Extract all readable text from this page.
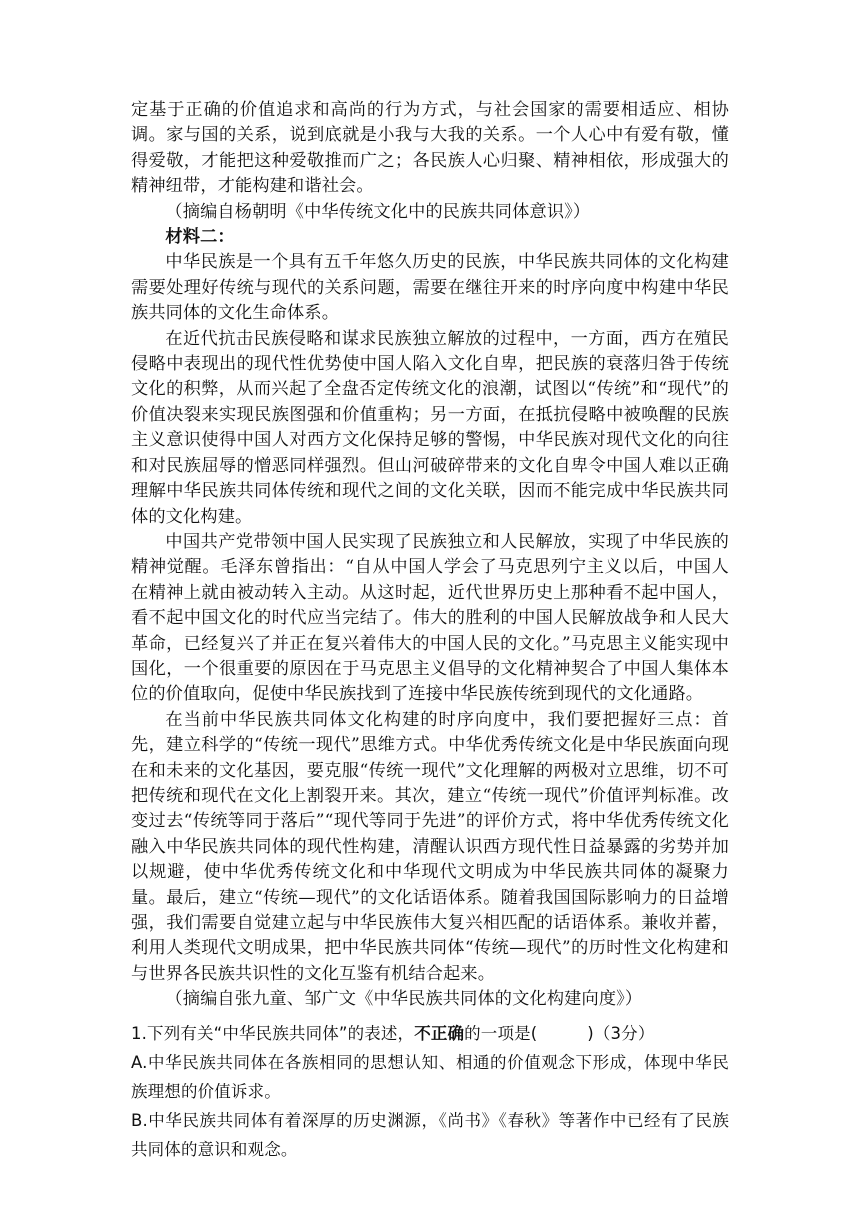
定基于正确的价值追求和高尚的行为方式，与社会国家的需要相适应、相协调。家与国的关系，说到底就是小我与大我的关系。一个人心中有爱有敬，懂得爱敬，才能把这种爱敬推而广之；各民族人心归聚、精神相依，形成强大的精神纽带，才能构建和谐社会。

（摘编自杨朝明《中华传统文化中的民族共同体意识》）

材料二：

中华民族是一个具有五千年悠久历史的民族，中华民族共同体的文化构建需要处理好传统与现代的关系问题，需要在继往开来的时序向度中构建中华民族共同体的文化生命体系。

在近代抗击民族侵略和谋求民族独立解放的过程中，一方面，西方在殖民侵略中表现出的现代性优势使中国人陷入文化自卑，把民族的衰落归咎于传统文化的积弊，从而兴起了全盘否定传统文化的浪潮，试图以“传统”和“现代”的价值决裂来实现民族图强和价值重构；另一方面，在抵抗侵略中被唤醒的民族主义意识使得中国人对西方文化保持足够的警惕，中华民族对现代文化的向往和对民族屈辱的憎恶同样强烈。但山河破碎带来的文化自卑令中国人难以正确理解中华民族共同体传统和现代之间的文化关联，因而不能完成中华民族共同体的文化构建。

中国共产党带领中国人民实现了民族独立和人民解放，实现了中华民族的精神觉醒。毛泽东曾指出：“自从中国人学会了马克思列宁主义以后，中国人在精神上就由被动转入主动。从这时起，近代世界历史上那种看不起中国人，看不起中国文化的时代应当完结了。伟大的胜利的中国人民解放战争和人民大革命，已经复兴了并正在复兴着伟大的中国人民的文化。”马克思主义能实现中国化，一个很重要的原因在于马克思主义倡导的文化精神契合了中国人集体本位的价值取向，促使中华民族找到了连接中华民族传统到现代的文化通路。

在当前中华民族共同体文化构建的时序向度中，我们要把握好三点：首先，建立科学的“传统一现代”思维方式。中华优秀传统文化是中华民族面向现在和未来的文化基因，要克服“传统一现代”文化理解的两极对立思维，切不可把传统和现代在文化上割裂开来。其次，建立“传统一现代”价值评判标准。改变过去“传统等同于落后”“现代等同于先进”的评价方式，将中华优秀传统文化融入中华民族共同体的现代性构建，清醒认识西方现代性日益暴露的劣势并加以规避，使中华优秀传统文化和中华现代文明成为中华民族共同体的凝聚力量。最后，建立“传统—现代”的文化话语体系。随着我国国际影响力的日益增强，我们需要自觉建立起与中华民族伟大复兴相匹配的话语体系。兼收并蓄，利用人类现代文明成果，把中华民族共同体“传统—现代”的历时性文化构建和与世界各民族共识性的文化互鉴有机结合起来。

（摘编自张九童、邹广文《中华民族共同体的文化构建向度》）

1.下列有关“中华民族共同体”的表述，不正确的一项是(　　　)（3分）

A.中华民族共同体在各族相同的思想认知、相通的价值观念下形成，体现中华民族理想的价值诉求。

B.中华民族共同体有着深厚的历史渊源，《尚书》《春秋》等著作中已经有了民族共同体的意识和观念。
